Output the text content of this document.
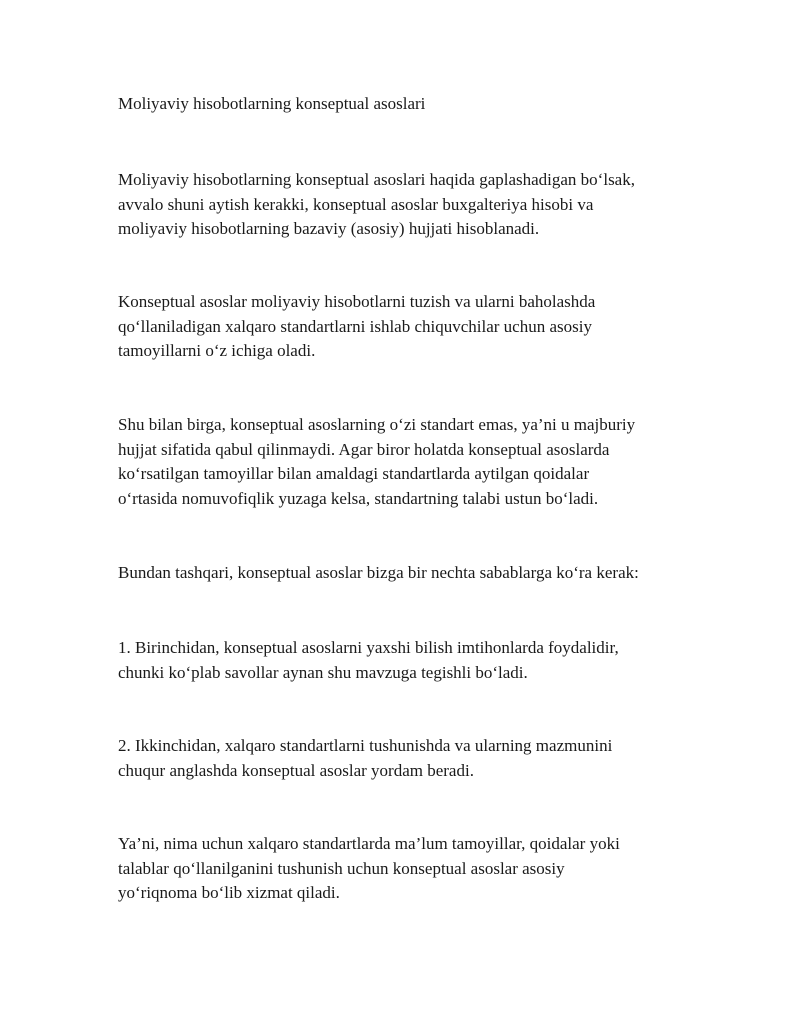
Moliyaviy hisobotlarning konseptual asoslari

Moliyaviy hisobotlarning konseptual asoslari haqida gaplashadigan bo‘lsak,
avvalo shuni aytish kerakki, konseptual asoslar buxgalteriya hisobi va
moliyaviy hisobotlarning bazaviy (asosiy) hujjati hisoblanadi.

Konseptual asoslar moliyaviy hisobotlarni tuzish va ularni baholashda
qo‘llaniladigan xalqaro standartlarni ishlab chiquvchilar uchun asosiy
tamoyillarni o‘z ichiga oladi.

Shu bilan birga, konseptual asoslarning o‘zi standart emas, ya’ni u majburiy
hujjat sifatida qabul qilinmaydi. Agar biror holatda konseptual asoslarda
ko‘rsatilgan tamoyillar bilan amaldagi standartlarda aytilgan qoidalar
o‘rtasida nomuvofiqlik yuzaga kelsa, standartning talabi ustun bo‘ladi.

Bundan tashqari, konseptual asoslar bizga bir nechta sabablarga ko‘ra kerak:

1. Birinchidan, konseptual asoslarni yaxshi bilish imtihonlarda foydalidir,
chunki ko‘plab savollar aynan shu mavzuga tegishli bo‘ladi.

2. Ikkinchidan, xalqaro standartlarni tushunishda va ularning mazmunini
chuqur anglashda konseptual asoslar yordam beradi.

Ya’ni, nima uchun xalqaro standartlarda ma’lum tamoyillar, qoidalar yoki
talablar qo‘llanilganini tushunish uchun konseptual asoslar asosiy
yo‘riqnoma bo‘lib xizmat qiladi.
